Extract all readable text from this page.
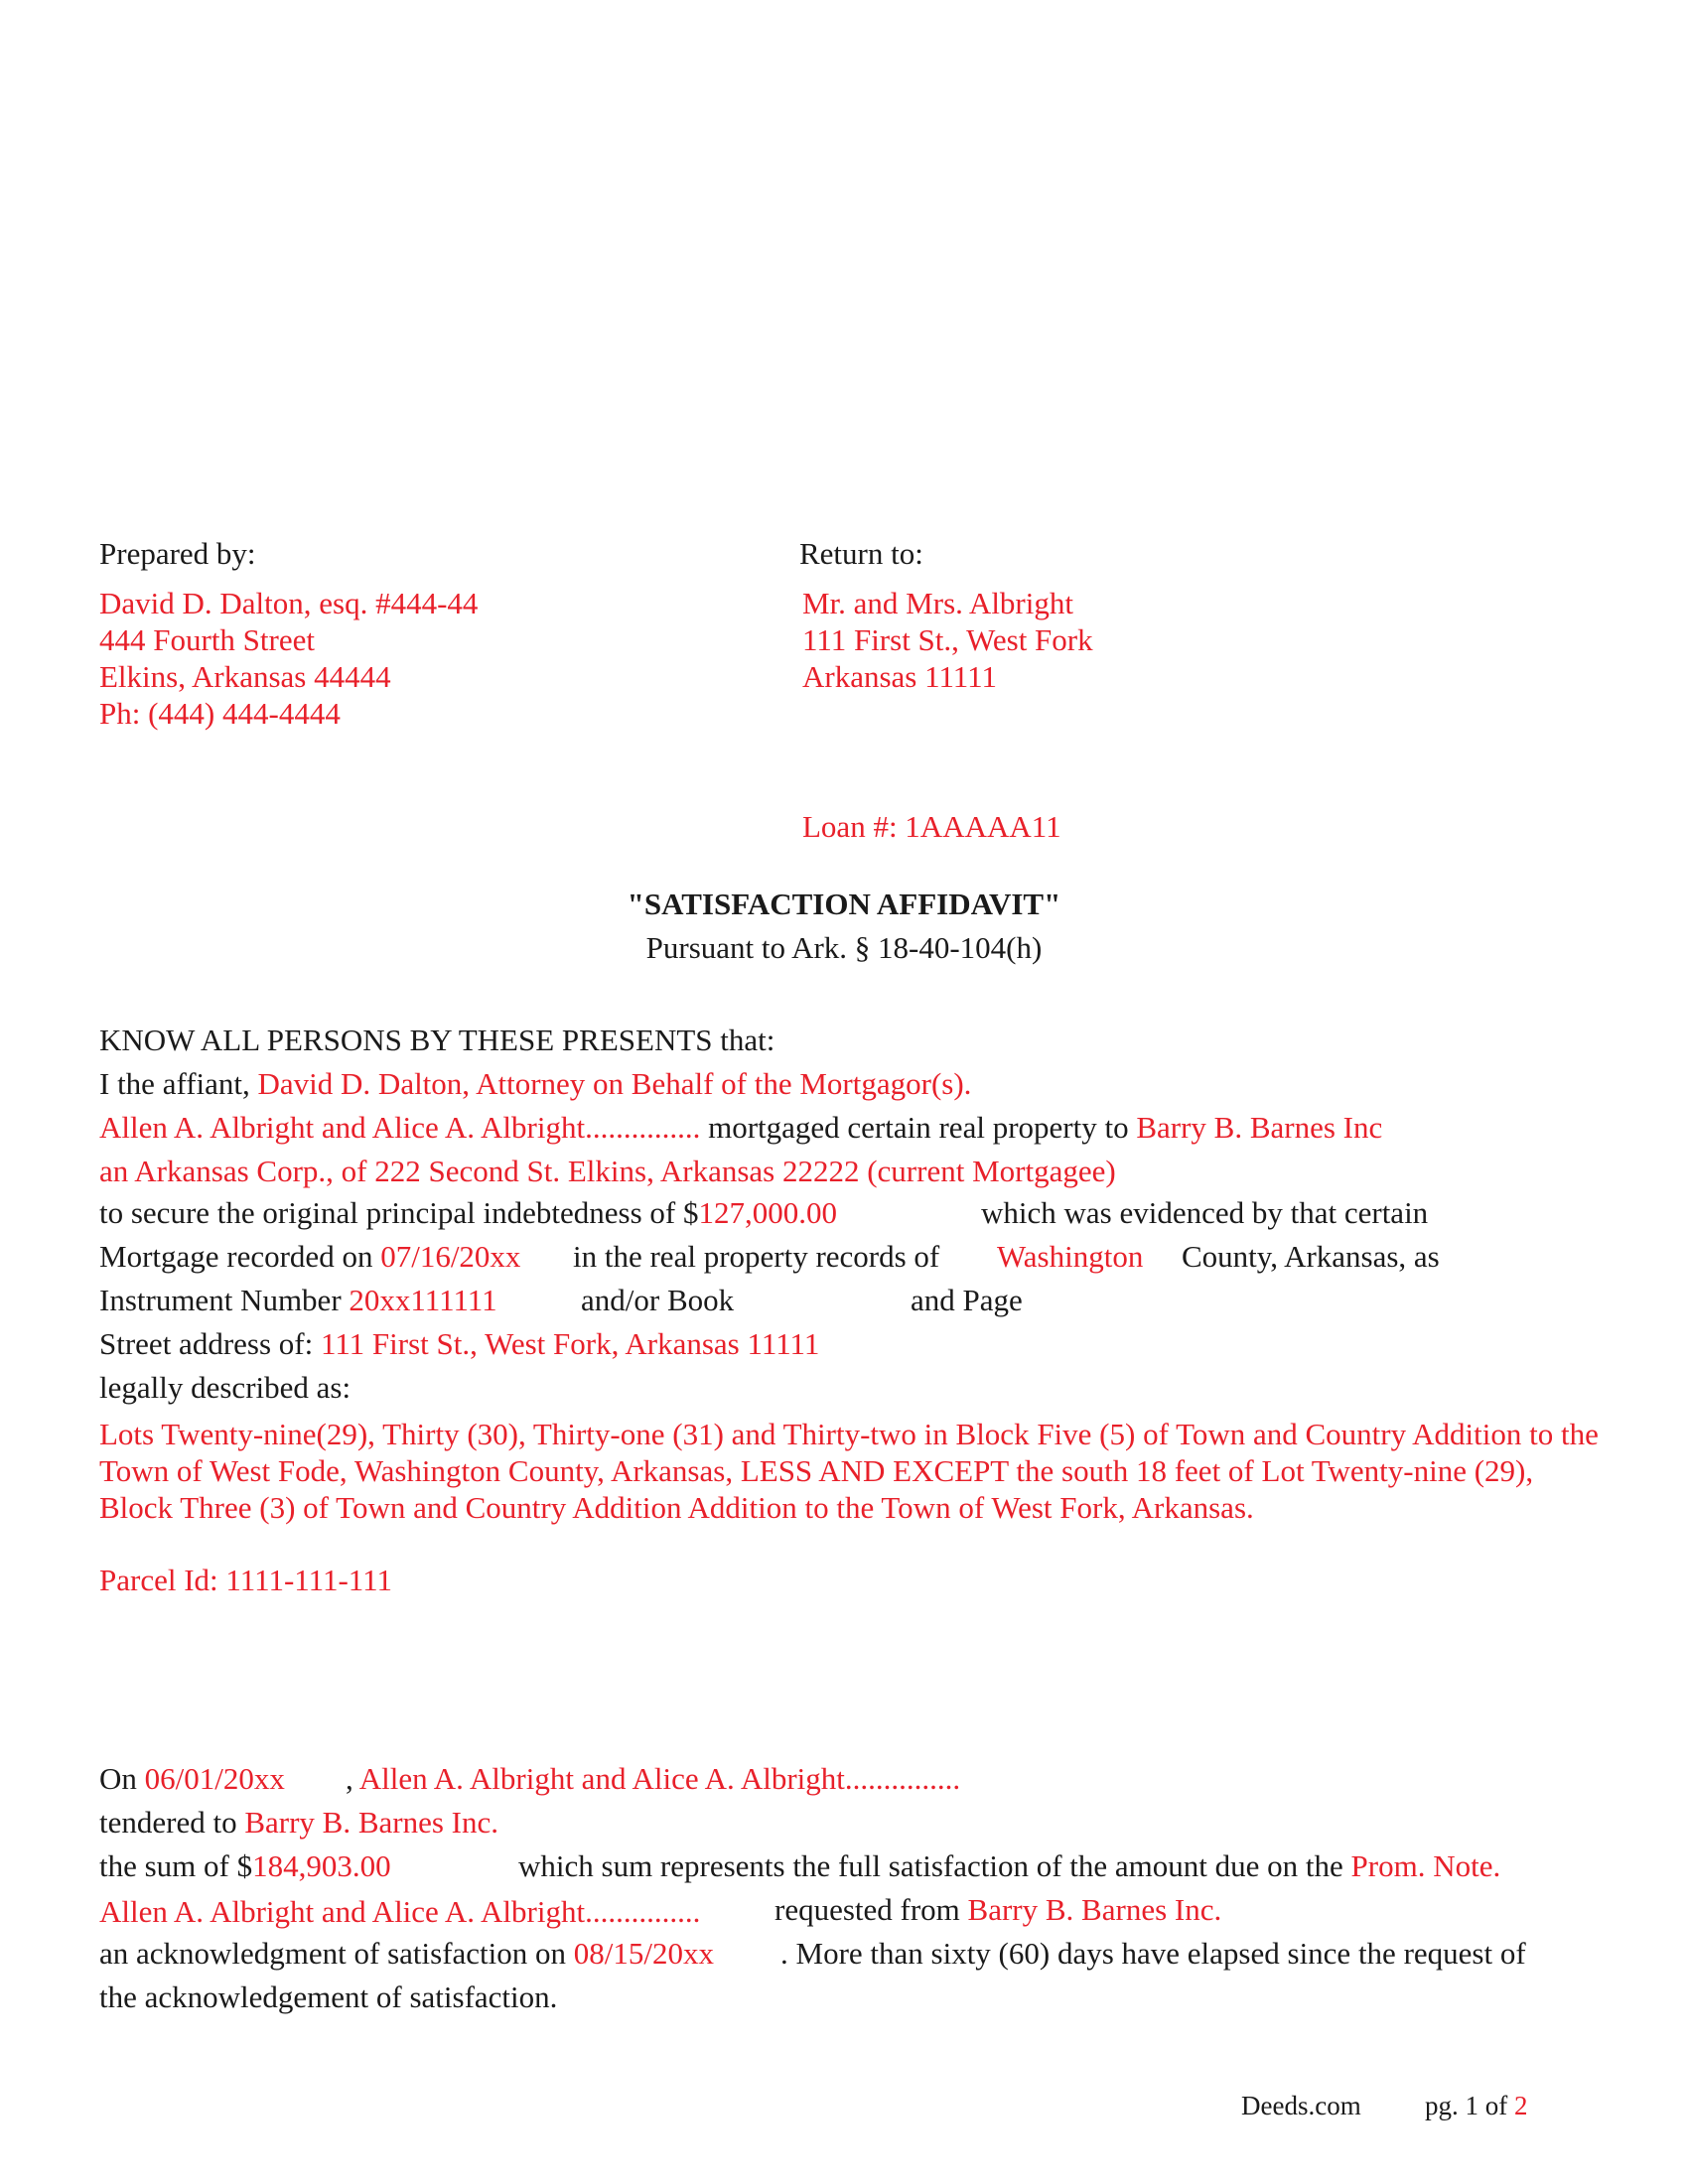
Prepared by:
David D. Dalton, esq. #444-44
444 Fourth Street
Elkins, Arkansas 44444
Ph: (444) 444-4444
Return to:
Mr. and Mrs. Albright
111 First St., West Fork
Arkansas 11111
Loan #: 1AAAAA11
"SATISFACTION AFFIDAVIT"
Pursuant to Ark. § 18-40-104(h)
KNOW ALL PERSONS BY THESE PRESENTS that:
I the affiant, David D. Dalton, Attorney on Behalf of the Mortgagor(s).
Allen A. Albright and Alice A. Albright............... mortgaged certain real property to Barry B. Barnes Inc
an Arkansas Corp., of 222 Second St. Elkins, Arkansas 22222 (current Mortgagee)
to secure the original principal indebtedness of $127,000.00	which was evidenced by that certain
Mortgage recorded on 07/16/20xx in the real property records of Washington County, Arkansas, as
Instrument Number 20xx111111	and/or Book	and Page
Street address of: 111 First St., West Fork, Arkansas 11111
legally described as:
Lots Twenty-nine(29), Thirty (30), Thirty-one (31) and Thirty-two in Block Five (5) of Town and Country Addition to the Town of West Fode, Washington County, Arkansas, LESS AND EXCEPT the south 18 feet of Lot Twenty-nine (29), Block Three (3) of Town and Country Addition Addition to the Town of West Fork, Arkansas.
Parcel Id: 1111-111-111
On 06/01/20xx , Allen A. Albright and Alice A. Albright...............
tendered to Barry B. Barnes Inc.
the sum of $184,903.00	which sum represents the full satisfaction of the amount due on the Prom. Note.
Allen A. Albright and Alice A. Albright............... requested from Barry B. Barnes Inc.
an acknowledgment of satisfaction on 08/15/20xx . More than sixty (60) days have elapsed since the request of
the acknowledgement of satisfaction.
Deeds.com pg. 1 of 2
